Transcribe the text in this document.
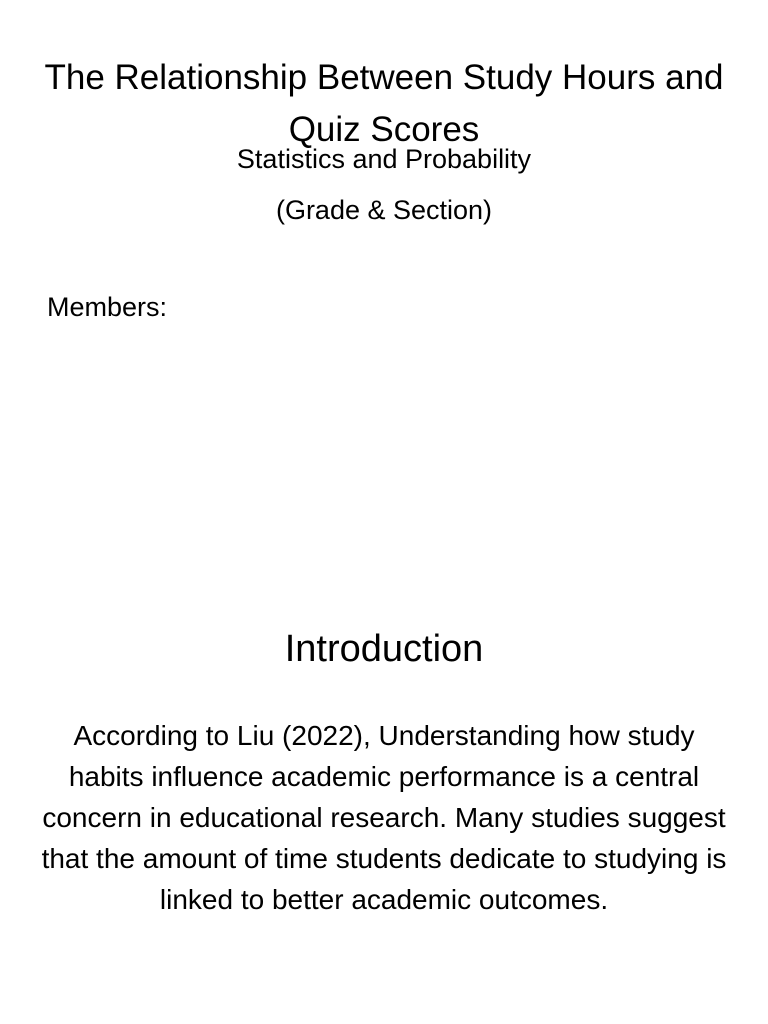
The Relationship Between Study Hours and Quiz Scores

Statistics and Probability

(Grade & Section)

Members:

Introduction

According to Liu (2022), Understanding how study habits influence academic performance is a central concern in educational research. Many studies suggest that the amount of time students dedicate to studying is linked to better academic outcomes.
